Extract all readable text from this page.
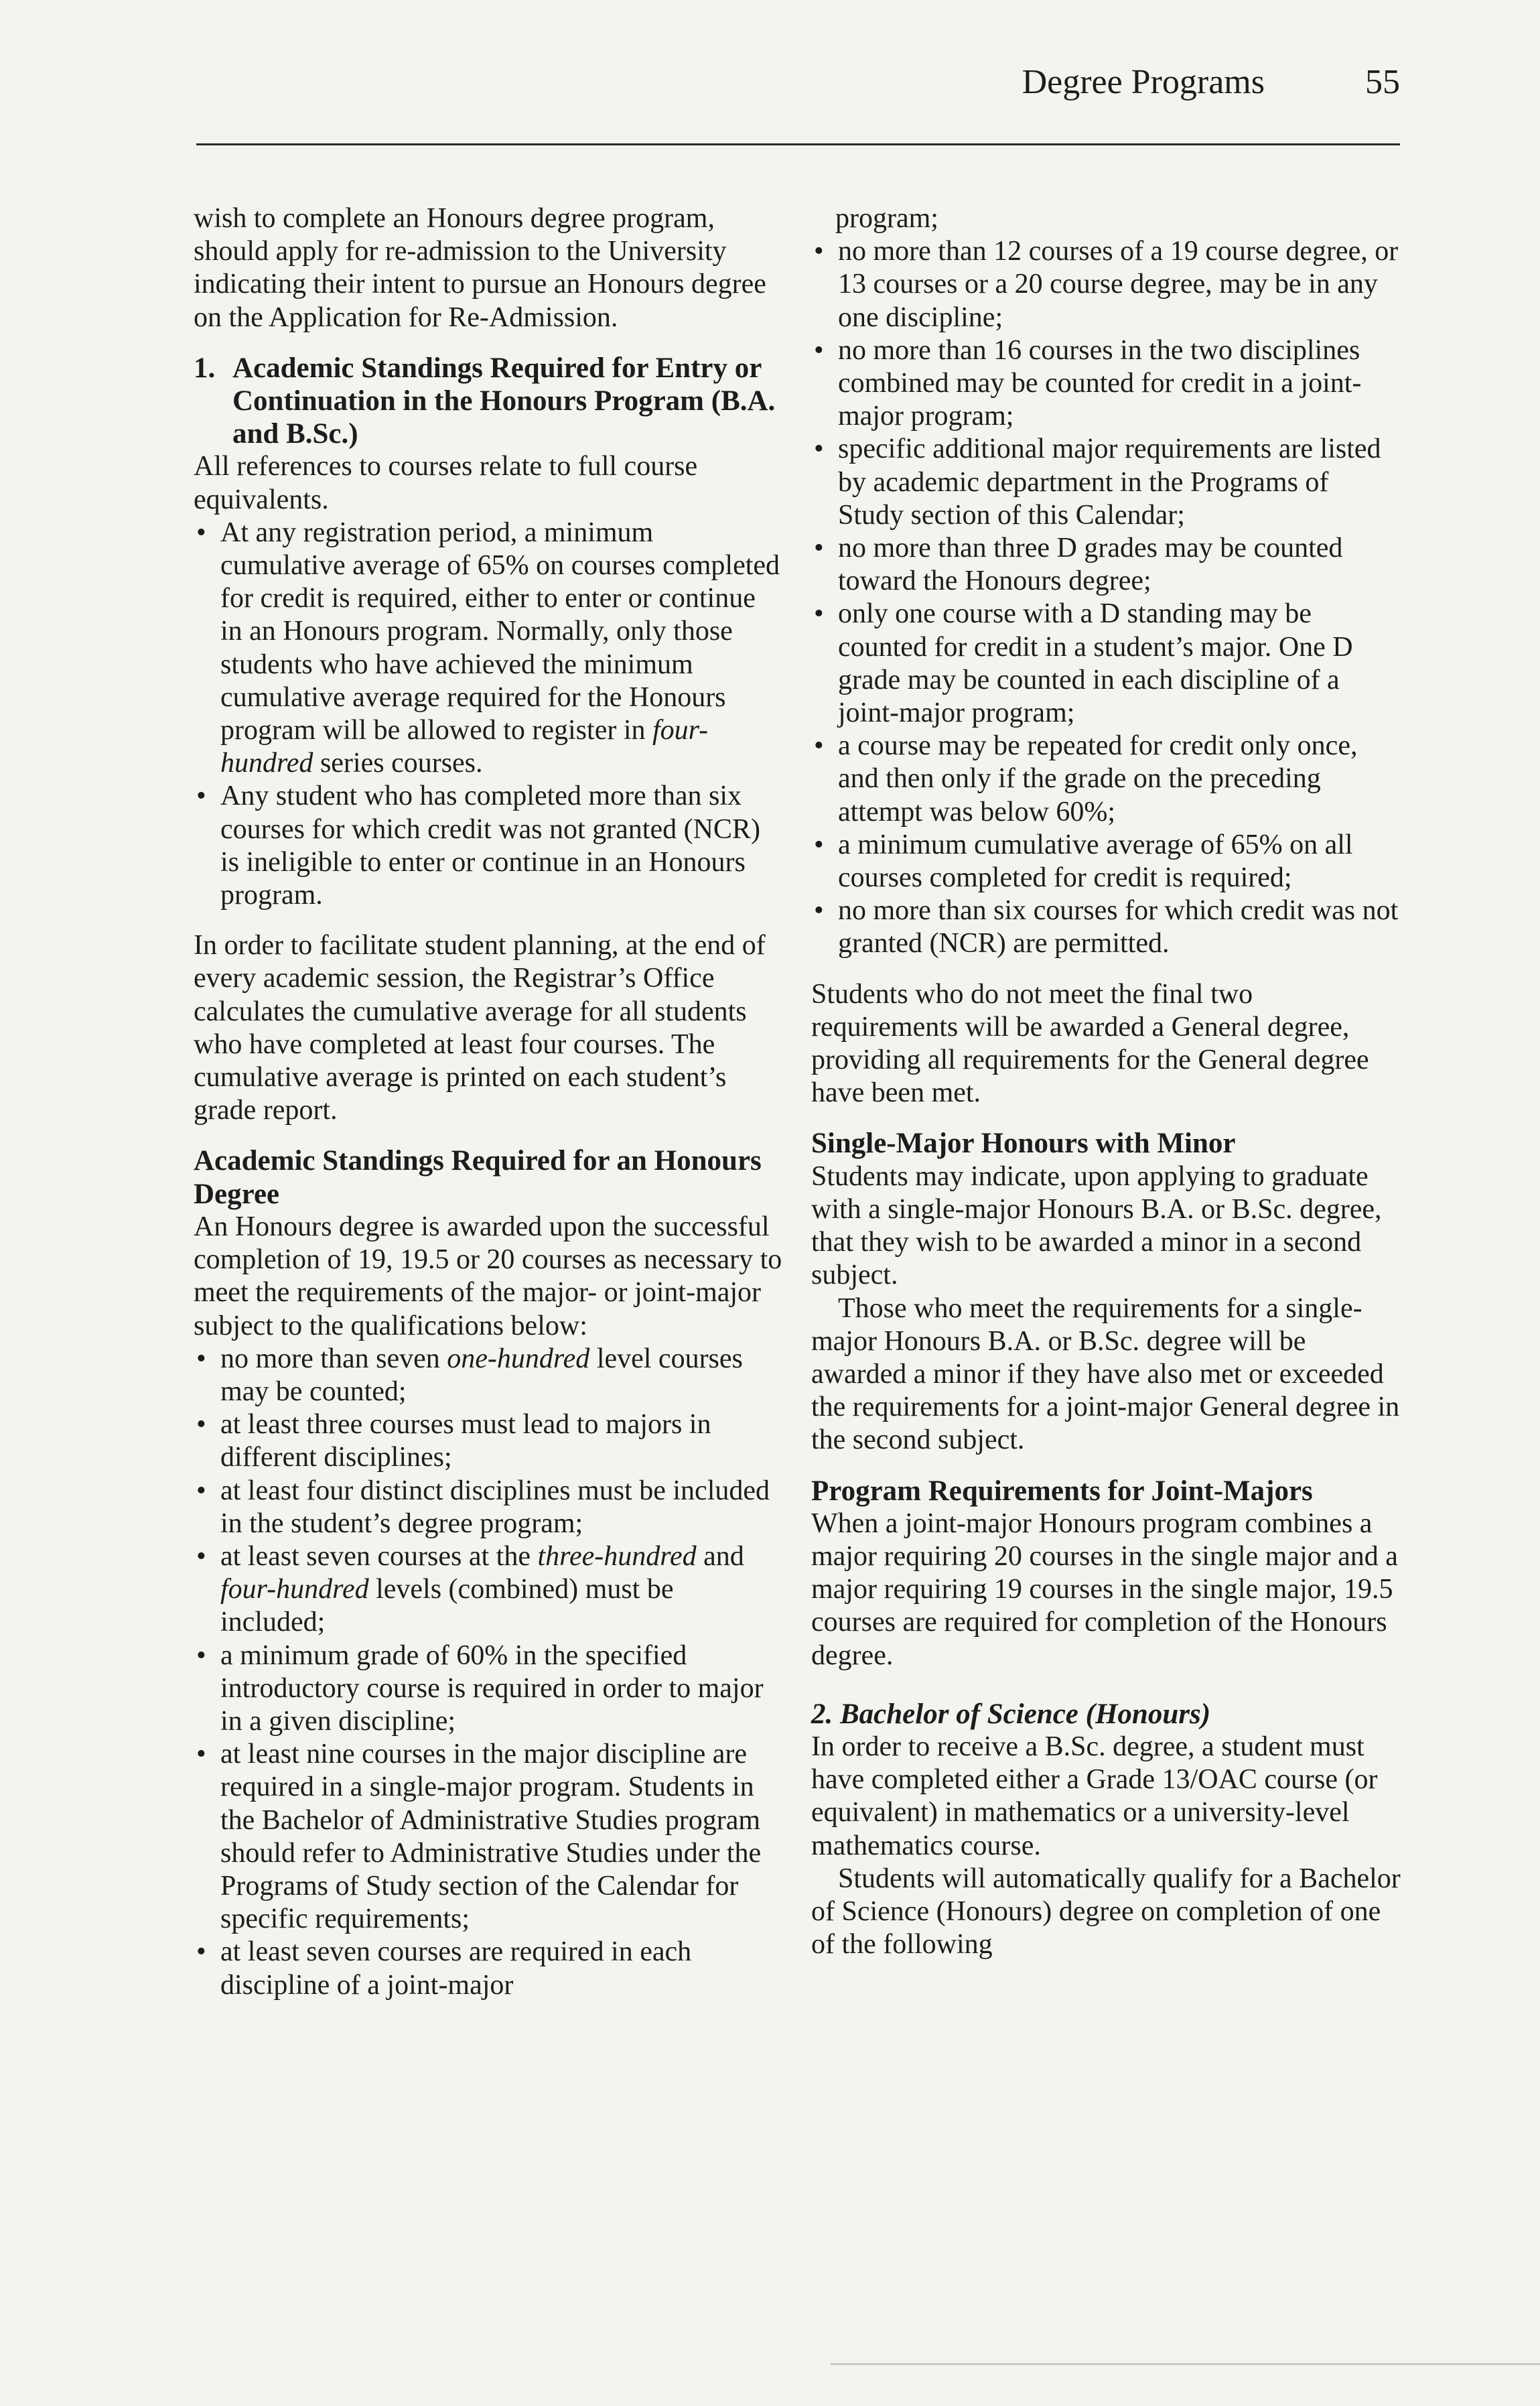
Degree Programs	55

wish to complete an Honours degree program, should apply for re-admission to the University indicating their intent to pursue an Honours degree on the Application for Re-Admission.

1. Academic Standings Required for Entry or Continuation in the Honours Program (B.A. and B.Sc.)

All references to courses relate to full course equivalents.

• At any registration period, a minimum cumulative average of 65% on courses completed for credit is required, either to enter or continue in an Honours program. Normally, only those students who have achieved the minimum cumulative average required for the Honours program will be allowed to register in four-hundred series courses.
• Any student who has completed more than six courses for which credit was not granted (NCR) is ineligible to enter or continue in an Honours program.

In order to facilitate student planning, at the end of every academic session, the Registrar’s Office calculates the cumulative average for all students who have completed at least four courses. The cumulative average is printed on each student’s grade report.

Academic Standings Required for an Honours Degree

An Honours degree is awarded upon the successful completion of 19, 19.5 or 20 courses as necessary to meet the requirements of the major- or joint-major subject to the qualifications below:

• no more than seven one-hundred level courses may be counted;
• at least three courses must lead to majors in different disciplines;
• at least four distinct disciplines must be included in the student’s degree program;
• at least seven courses at the three-hundred and four-hundred levels (combined) must be included;
• a minimum grade of 60% in the specified introductory course is required in order to major in a given discipline;
• at least nine courses in the major discipline are required in a single-major program. Students in the Bachelor of Administrative Studies program should refer to Administrative Studies under the Programs of Study section of the Calendar for specific requirements;
• at least seven courses are required in each discipline of a joint-major

program;

• no more than 12 courses of a 19 course degree, or 13 courses or a 20 course degree, may be in any one discipline;
• no more than 16 courses in the two disciplines combined may be counted for credit in a joint-major program;
• specific additional major requirements are listed by academic department in the Programs of Study section of this Calendar;
• no more than three D grades may be counted toward the Honours degree;
• only one course with a D standing may be counted for credit in a student’s major. One D grade may be counted in each discipline of a joint-major program;
• a course may be repeated for credit only once, and then only if the grade on the preceding attempt was below 60%;
• a minimum cumulative average of 65% on all courses completed for credit is required;
• no more than six courses for which credit was not granted (NCR) are permitted.

Students who do not meet the final two requirements will be awarded a General degree, providing all requirements for the General degree have been met.

Single-Major Honours with Minor

Students may indicate, upon applying to graduate with a single-major Honours B.A. or B.Sc. degree, that they wish to be awarded a minor in a second subject.

Those who meet the requirements for a single-major Honours B.A. or B.Sc. degree will be awarded a minor if they have also met or exceeded the requirements for a joint-major General degree in the second subject.

Program Requirements for Joint-Majors

When a joint-major Honours program combines a major requiring 20 courses in the single major and a major requiring 19 courses in the single major, 19.5 courses are required for completion of the Honours degree.

2. Bachelor of Science (Honours)

In order to receive a B.Sc. degree, a student must have completed either a Grade 13/OAC course (or equivalent) in mathematics or a university-level mathematics course.

Students will automatically qualify for a Bachelor of Science (Honours) degree on completion of one of the following
